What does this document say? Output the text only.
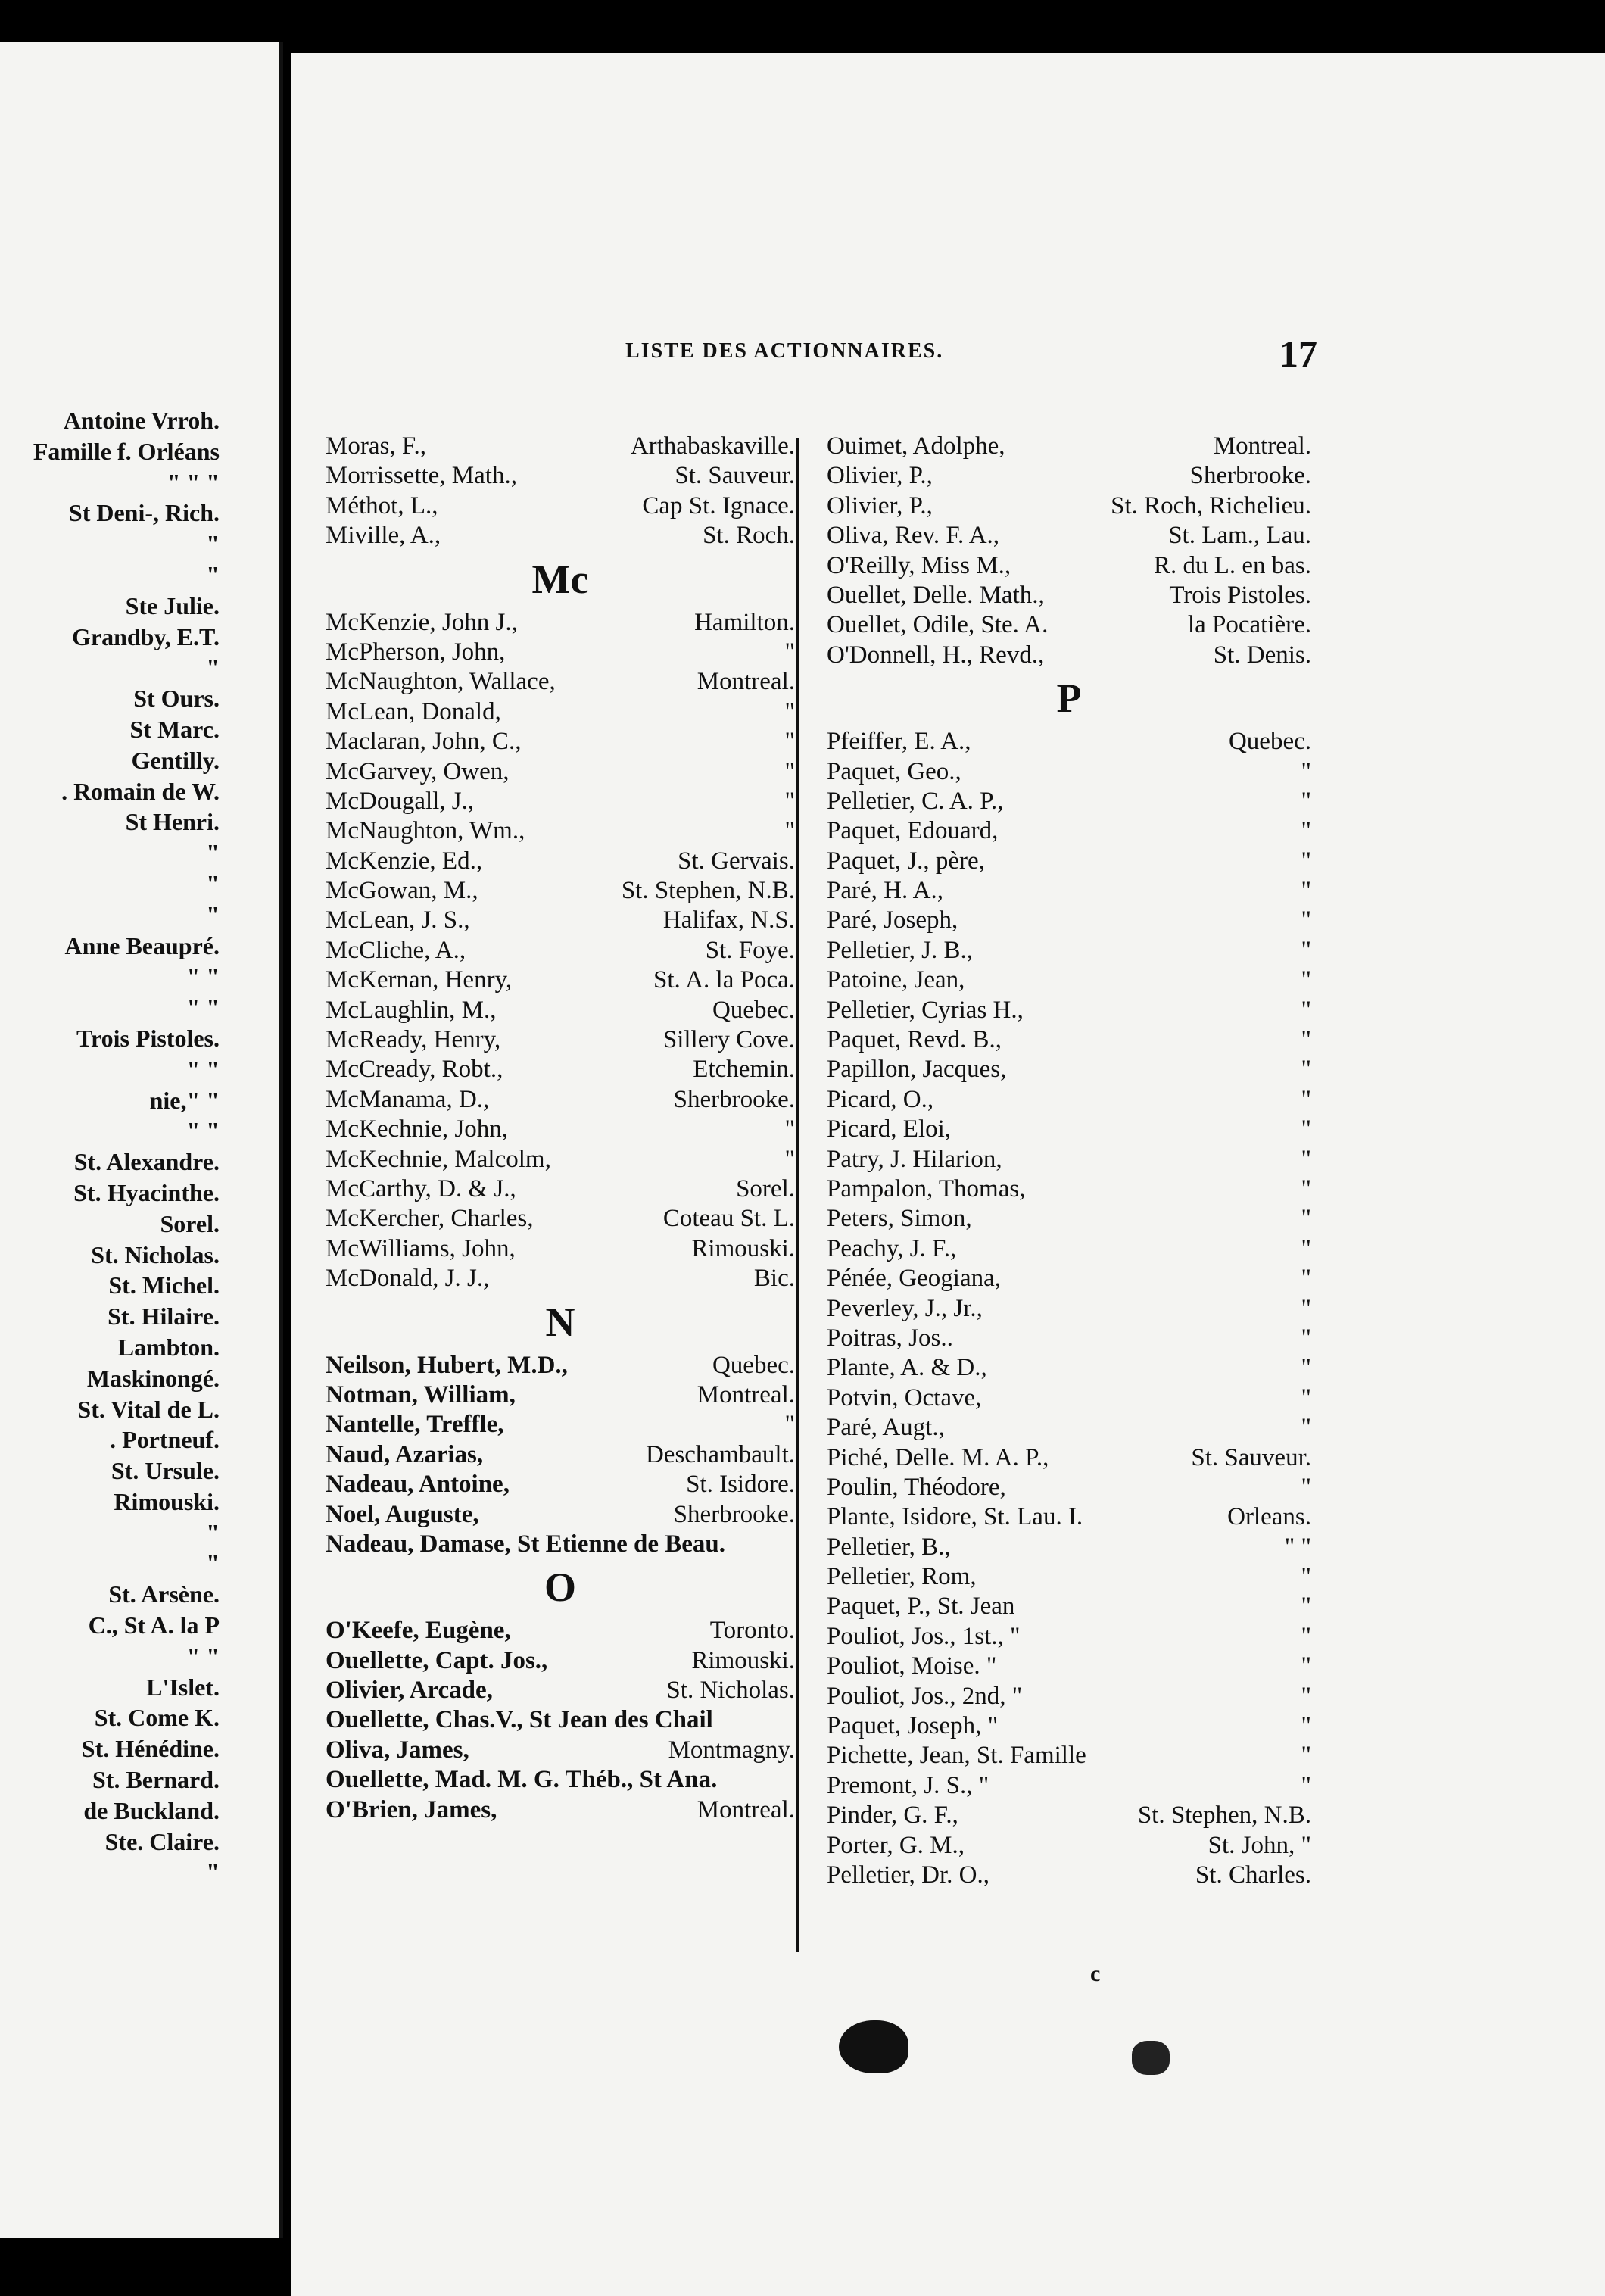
Antoine Vrroh.
Famille f. Orléans
" " "
St Deni-, Rich.
"
"
Ste Julie.
Grandby, E.T.
"
St Ours.
St Marc.
Gentilly.
. Romain de W.
St Henri.
"
"
"
Anne Beaupré.
" "
" "
Trois Pistoles.
" "
nie," "
" "
St. Alexandre.
St. Hyacinthe.
Sorel.
St. Nicholas.
St. Michel.
St. Hilaire.
Lambton.
Maskinongé.
St. Vital de L.
. Portneuf.
St. Ursule.
Rimouski.
"
"
St. Arsène.
C., St A. la P
" "
L'Islet.
St. Come K.
St. Hénédine.
St. Bernard.
de Buckland.
Ste. Claire.
"
LISTE DES ACTIONNAIRES.	17
Moras, F.,	Arthabaskaville.
Morrissette, Math.,	St. Sauveur.
Méthot, L.,	Cap St. Ignace.
Miville, A.,	St. Roch.
Mc
McKenzie, John J.,	Hamilton.
McPherson, John,	"
McNaughton, Wallace,	Montreal.
McLean, Donald,	"
Maclaran, John, C.,	"
McGarvey, Owen,	"
McDougall, J.,	"
McNaughton, Wm.,	"
McKenzie, Ed.,	St. Gervais.
McGowan, M.,	St. Stephen, N.B.
McLean, J. S.,	Halifax, N.S.
McCliche, A.,	St. Foye.
McKernan, Henry,	St. A. la Poca.
McLaughlin, M.,	Quebec.
McReady, Henry,	Sillery Cove.
McCready, Robt.,	Etchemin.
McManama, D.,	Sherbrooke.
McKechnie, John,	"
McKechnie, Malcolm,	"
McCarthy, D. & J.,	Sorel.
McKercher, Charles,	Coteau St. L.
McWilliams, John,	Rimouski.
McDonald, J. J.,	Bic.
N
Neilson, Hubert, M.D.,	Quebec.
Notman, William,	Montreal.
Nantelle, Treffle,	"
Naud, Azarias,	Deschambault.
Nadeau, Antoine,	St. Isidore.
Noel, Auguste,	Sherbrooke.
Nadeau, Damase, St Etienne de Beau.
O
O'Keefe, Eugène,	Toronto.
Ouellette, Capt. Jos.,	Rimouski.
Olivier, Arcade,	St. Nicholas.
Ouellette, Chas.V., St Jean des Chail
Oliva, James,	Montmagny.
Ouellette, Mad. M. G. Théb., St Ana.
O'Brien, James,	Montreal.
Ouimet, Adolphe,	Montreal.
Olivier, P.,	Sherbrooke.
Olivier, P.,	St. Roch, Richelieu.
Oliva, Rev. F. A.,	St. Lam., Lau.
O'Reilly, Miss M.,	R. du L. en bas.
Ouellet, Delle. Math.,	Trois Pistoles.
Ouellet, Odile, Ste. A.	la Pocatière.
O'Donnell, H., Revd.,	St. Denis.
P
Pfeiffer, E. A.,	Quebec.
Paquet, Geo.,	"
Pelletier, C. A. P.,	"
Paquet, Edouard,	"
Paquet, J., père,	"
Paré, H. A.,	"
Paré, Joseph,	"
Pelletier, J. B.,	"
Patoine, Jean,	"
Pelletier, Cyrias H.,	"
Paquet, Revd. B.,	"
Papillon, Jacques,	"
Picard, O.,	"
Picard, Eloi,	"
Patry, J. Hilarion,	"
Pampalon, Thomas,	"
Peters, Simon,	"
Peachy, J. F.,	"
Pénée, Geogiana,	"
Peverley, J., Jr.,	"
Poitras, Jos..	"
Plante, A. & D.,	"
Potvin, Octave,	"
Paré, Augt.,	"
Piché, Delle. M. A. P.,	St. Sauveur.
Poulin, Théodore,	"
Plante, Isidore, St. Lau. I.	Orleans.
Pelletier, B.,	" "
Pelletier, Rom,	"
Paquet, P., St. Jean	"
Pouliot, Jos., 1st., "	"
Pouliot, Moise. "	"
Pouliot, Jos., 2nd, "	"
Paquet, Joseph, "	"
Pichette, Jean, St. Famille	"
Premont, J. S., "	"
Pinder, G. F.,	St. Stephen, N.B.
Porter, G. M.,	St. John, "
Pelletier, Dr. O.,	St. Charles.
c
